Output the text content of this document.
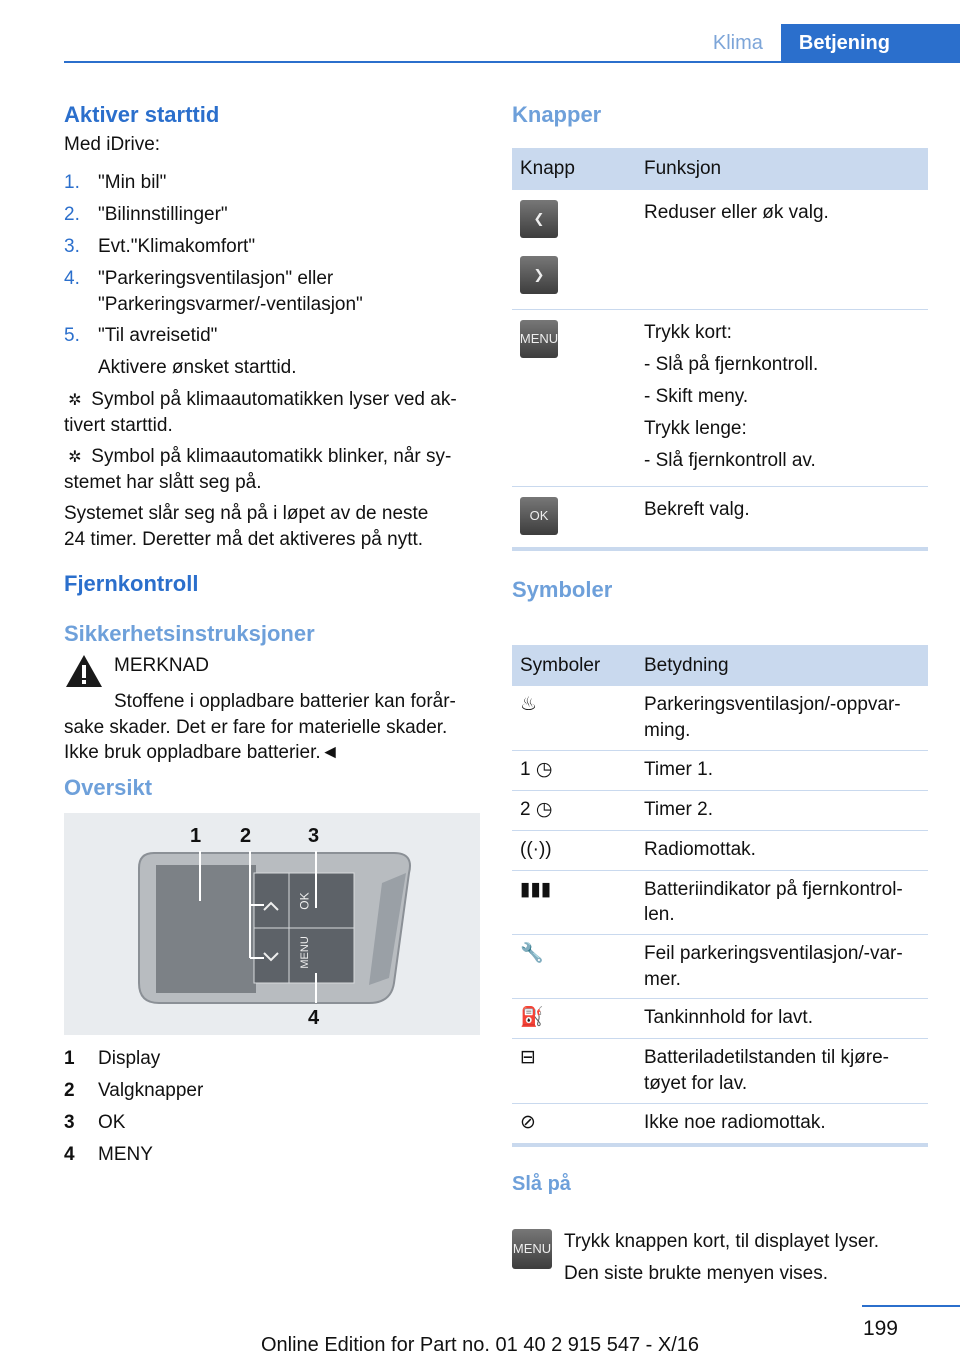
Klima	Betjening
Aktiver starttid

Med iDrive:

1. "Min bil"
2. "Bilinnstillinger"
3. Evt."Klimakomfort"
4. "Parkeringsventilasjon" eller "Parkeringsvarmer/-ventilasjon"
5. "Til avreisetid"

Aktivere ønsket starttid.

✲ Symbol på klimaautomatikken lyser ved ak‐tivert starttid.

✲ Symbol på klimaautomatikk blinker, når sy‐stemet har slått seg på.

Systemet slår seg nå på i løpet av de neste 24 timer. Deretter må det aktiveres på nytt.

Fjernkontroll
Sikkerhetsinstruksjoner
MERKNAD

Stoffene i oppladbare batterier kan forår‐sake skader. Det er fare for materielle skader. Ikke bruk oppladbare batterier.◄

Oversikt
1 2	3
4
OK
MENU
1	Display
2	Valgknapper
3	OK
4	MENY
Knapper
Knapp	Funksjon

❮
❯	Reduser eller øk valg.

MENU	Trykk kort:
- Slå på fjernkontroll.
- Skift meny.
Trykk lenge:
- Slå fjernkontroll av.

OK	Bekreft valg.
Symboler
Symboler	Betydning
♨	Parkeringsventilasjon/-oppvar‐ming.
1 ◷	Timer 1.
2 ◷	Timer 2.
((·))	Radiomottak.
▮▮▮	Batteriindikator på fjernkontrol‐len.
🔧	Feil parkeringsventilasjon/-var‐mer.
⛽	Tankinnhold for lavt.
⊟	Batteriladetilstanden til kjøre‐tøyet for lav.
⊘	Ikke noe radiomottak.
Slå på
MENU Trykk knappen kort, til displayet lyser.
Den siste brukte menyen vises.
199
Online Edition for Part no. 01 40 2 915 547 - X/16
